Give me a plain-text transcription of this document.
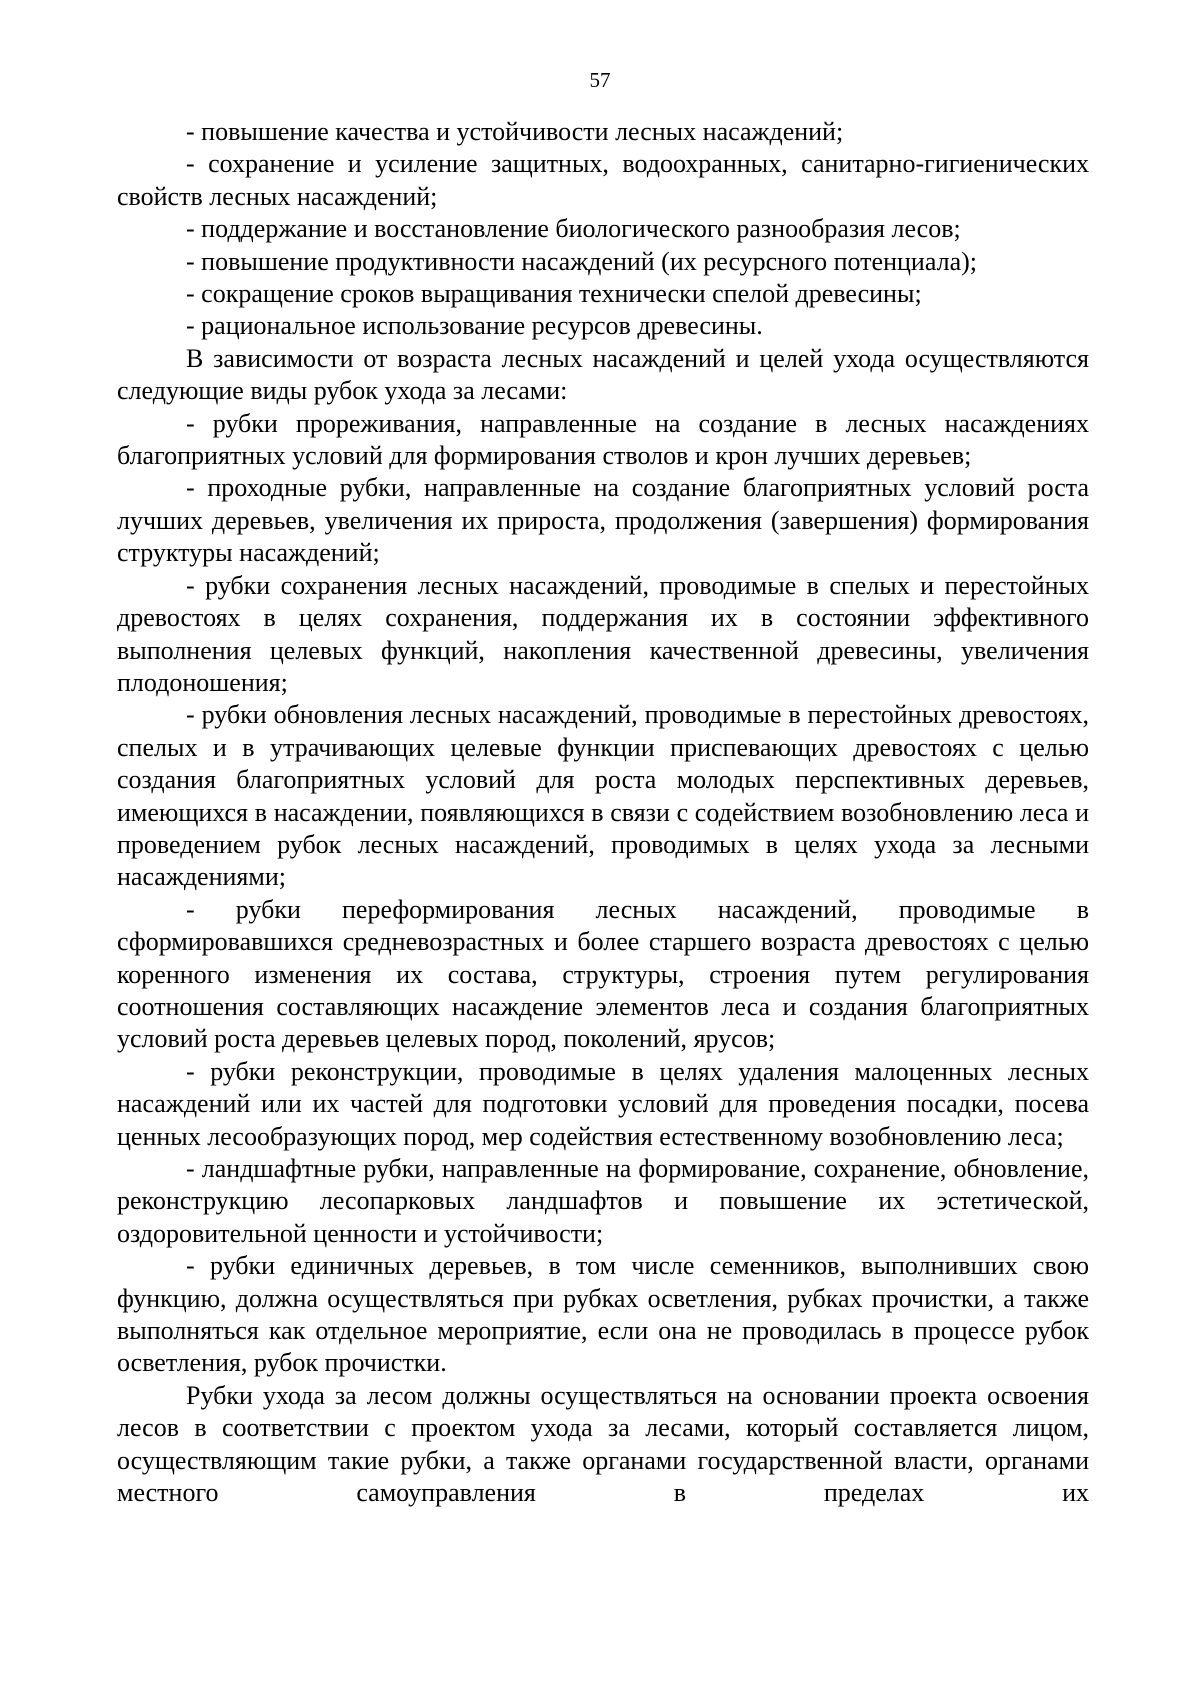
57

- повышение качества и устойчивости лесных насаждений;

- сохранение и усиление защитных, водоохранных, санитарно-гигиенических свойств лесных насаждений;

- поддержание и восстановление биологического разнообразия лесов;

- повышение продуктивности насаждений (их ресурсного потенциала);

- сокращение сроков выращивания технически спелой древесины;

- рациональное использование ресурсов древесины.

В зависимости от возраста лесных насаждений и целей ухода осуществляются следующие виды рубок ухода за лесами:

- рубки прореживания, направленные на создание в лесных насаждениях благоприятных условий для формирования стволов и крон лучших деревьев;

- проходные рубки, направленные на создание благоприятных условий роста лучших деревьев, увеличения их прироста, продолжения (завершения) формирования структуры насаждений;

- рубки сохранения лесных насаждений, проводимые в спелых и перестойных древостоях в целях сохранения, поддержания их в состоянии эффективного выполнения целевых функций, накопления качественной древесины, увеличения плодоношения;

- рубки обновления лесных насаждений, проводимые в перестойных древостоях, спелых и в утрачивающих целевые функции приспевающих древостоях с целью создания благоприятных условий для роста молодых перспективных деревьев, имеющихся в насаждении, появляющихся в связи с содействием возобновлению леса и проведением рубок лесных насаждений, проводимых в целях ухода за лесными насаждениями;

- рубки переформирования лесных насаждений, проводимые в сформировавшихся средневозрастных и более старшего возраста древостоях с целью коренного изменения их состава, структуры, строения путем регулирования соотношения составляющих насаждение элементов леса и создания благоприятных условий роста деревьев целевых пород, поколений, ярусов;

- рубки реконструкции, проводимые в целях удаления малоценных лесных насаждений или их частей для подготовки условий для проведения посадки, посева ценных лесообразующих пород, мер содействия естественному возобновлению леса;

- ландшафтные рубки, направленные на формирование, сохранение, обновление, реконструкцию лесопарковых ландшафтов и повышение их эстетической, оздоровительной ценности и устойчивости;

- рубки единичных деревьев, в том числе семенников, выполнивших свою функцию, должна осуществляться при рубках осветления, рубках прочистки, а также выполняться как отдельное мероприятие, если она не проводилась в процессе рубок осветления, рубок прочистки.

Рубки ухода за лесом должны осуществляться на основании проекта освоения лесов в соответствии с проектом ухода за лесами, который составляется лицом, осуществляющим такие рубки, а также органами государственной власти, органами местного самоуправления в пределах их
